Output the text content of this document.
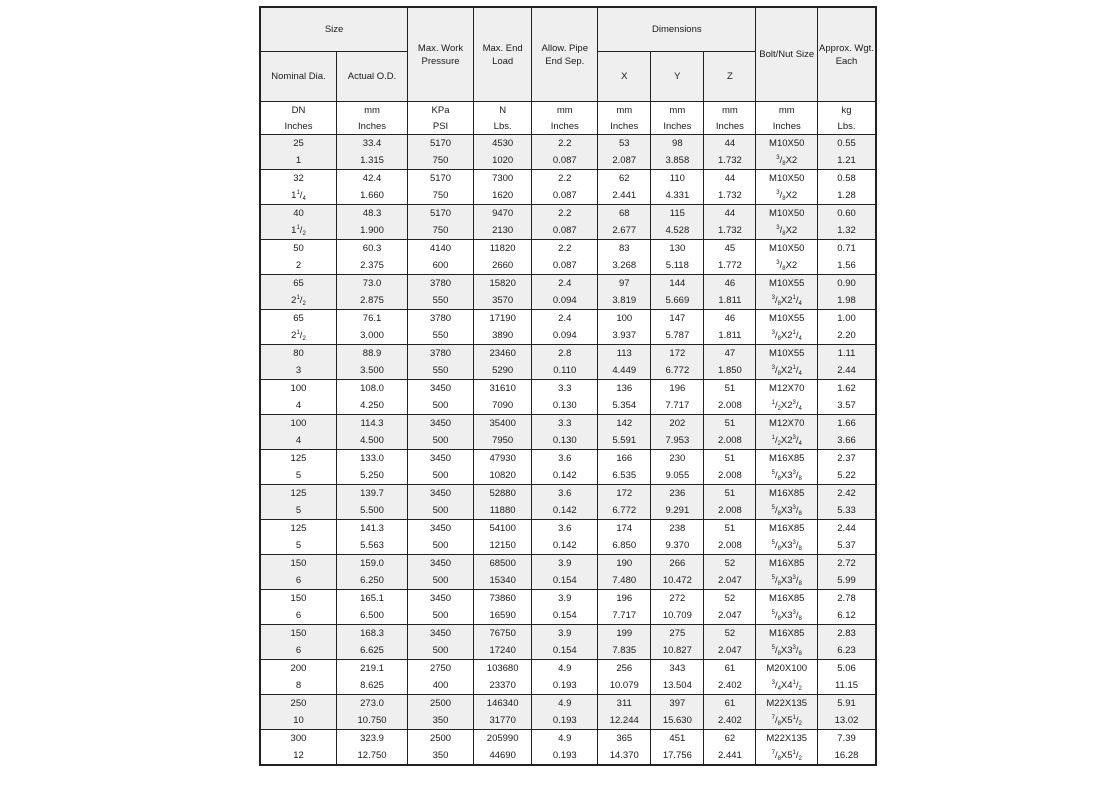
Size		Max. Work Pressure	Max. End Load	Allow. Pipe End Sep.	Dimensions			Bolt/Nut Size	Approx. Wgt. Each
Nominal Dia.	Actual O.D.				X	Y	Z		
DN	mm	KPa	N	mm	mm	mm	mm	mm	kg
Inches	Inches	PSI	Lbs.	Inches	Inches	Inches	Inches	Inches	Lbs.
25	33.4	5170	4530	2.2	53	98	44	M10X50	0.55
1	1.315	750	1020	0.087	2.087	3.858	1.732	$^3/_8X2$	1.21
32	42.4	5170	7300	2.2	62	110	44	M10X50	0.58
$1^1/_4$	1.660	750	1620	0.087	2.441	4.331	1.732	$^3/_8X2$	1.28
40	48.3	5170	9470	2.2	68	115	44	M10X50	0.60
$1^1/_2$	1.900	750	2130	0.087	2.677	4.528	1.732	$^3/_8X2$	1.32
50	60.3	4140	11820	2.2	83	130	45	M10X50	0.71
2	2.375	600	2660	0.087	3.268	5.118	1.772	$^3/_8X2$	1.56
65	73.0	3780	15820	2.4	97	144	46	M10X55	0.90
$2^1/_2$	2.875	550	3570	0.094	3.819	5.669	1.811	$^3/_8X2^1/_4$	1.98
65	76.1	3780	17190	2.4	100	147	46	M10X55	1.00
$2^1/_2$	3.000	550	3890	0.094	3.937	5.787	1.811	$^3/_8X2^1/_4$	2.20
80	88.9	3780	23460	2.8	113	172	47	M10X55	1.11
3	3.500	550	5290	0.110	4.449	6.772	1.850	$^3/_8X2^1/_4$	2.44
100	108.0	3450	31610	3.3	136	196	51	M12X70	1.62
4	4.250	500	7090	0.130	5.354	7.717	2.008	$^1/_2X2^3/_4$	3.57
100	114.3	3450	35400	3.3	142	202	51	M12X70	1.66
4	4.500	500	7950	0.130	5.591	7.953	2.008	$^1/_2X2^3/_4$	3.66
125	133.0	3450	47930	3.6	166	230	51	M16X85	2.37
5	5.250	500	10820	0.142	6.535	9.055	2.008	$^5/_8X3^3/_8$	5.22
125	139.7	3450	52880	3.6	172	236	51	M16X85	2.42
5	5.500	500	11880	0.142	6.772	9.291	2.008	$^5/_8X3^3/_8$	5.33
125	141.3	3450	54100	3.6	174	238	51	M16X85	2.44
5	5.563	500	12150	0.142	6.850	9.370	2.008	$^5/_8X3^3/_8$	5.37
150	159.0	3450	68500	3.9	190	266	52	M16X85	2.72
6	6.250	500	15340	0.154	7.480	10.472	2.047	$^5/_8X3^3/_8$	5.99
150	165.1	3450	73860	3.9	196	272	52	M16X85	2.78
6	6.500	500	16590	0.154	7.717	10.709	2.047	$^5/_8X3^3/_8$	6.12
150	168.3	3450	76750	3.9	199	275	52	M16X85	2.83
6	6.625	500	17240	0.154	7.835	10.827	2.047	$^5/_8X3^3/_8$	6.23
200	219.1	2750	103680	4.9	256	343	61	M20X100	5.06
8	8.625	400	23370	0.193	10.079	13.504	2.402	$^3/_4X4^1/_2$	11.15
250	273.0	2500	146340	4.9	311	397	61	M22X135	5.91
10	10.750	350	31770	0.193	12.244	15.630	2.402	$^7/_8X5^1/_2$	13.02
300	323.9	2500	205990	4.9	365	451	62	M22X135	7.39
12	12.750	350	44690	0.193	14.370	17.756	2.441	$^7/_8X5^1/_2$	16.28
